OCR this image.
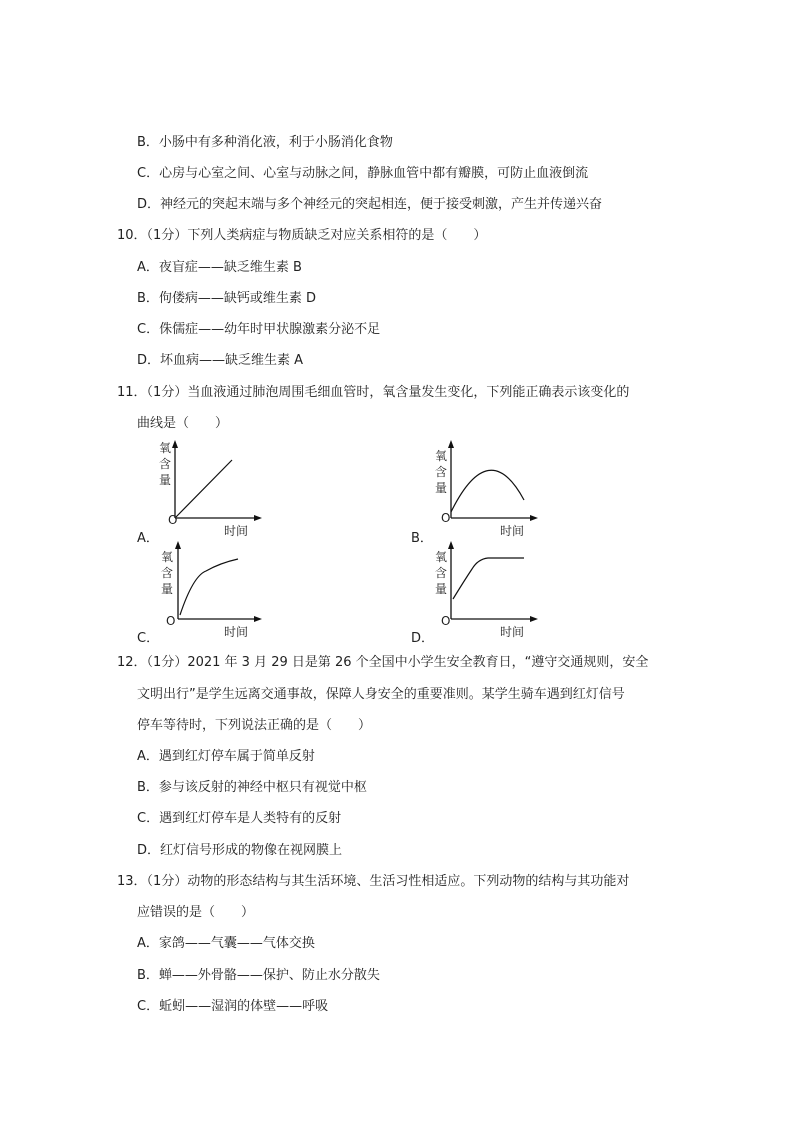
B．小肠中有多种消化液，利于小肠消化食物
C．心房与心室之间、心室与动脉之间，静脉血管中都有瓣膜，可防止血液倒流
D．神经元的突起末端与多个神经元的突起相连，便于接受刺激，产生并传递兴奋
10．（1分）下列人类病症与物质缺乏对应关系相符的是（　　）
A．夜盲症——缺乏维生素 B
B．佝偻病——缺钙或维生素 D
C．侏儒症——幼年时甲状腺激素分泌不足
D．坏血病——缺乏维生素 A
11．（1分）当血液通过肺泡周围毛细血管时，氧含量发生变化，下列能正确表示该变化的
曲线是（　　）
A．
氧
含
量
O
时间	B．
氧
含
量
O
时间
C．
氧
含
量
O
时间	D．
氧
含
量
O
时间
12．（1分）2021 年 3 月 29 日是第 26 个全国中小学生安全教育日，“遵守交通规则，安全
文明出行”是学生远离交通事故，保障人身安全的重要准则。某学生骑车遇到红灯信号
停车等待时，下列说法正确的是（　　）
A．遇到红灯停车属于简单反射
B．参与该反射的神经中枢只有视觉中枢
C．遇到红灯停车是人类特有的反射
D．红灯信号形成的物像在视网膜上
13．（1分）动物的形态结构与其生活环境、生活习性相适应。下列动物的结构与其功能对
应错误的是（　　）
A．家鸽——气囊——气体交换
B．蝉——外骨骼——保护、防止水分散失
C．蚯蚓——湿润的体壁——呼吸
